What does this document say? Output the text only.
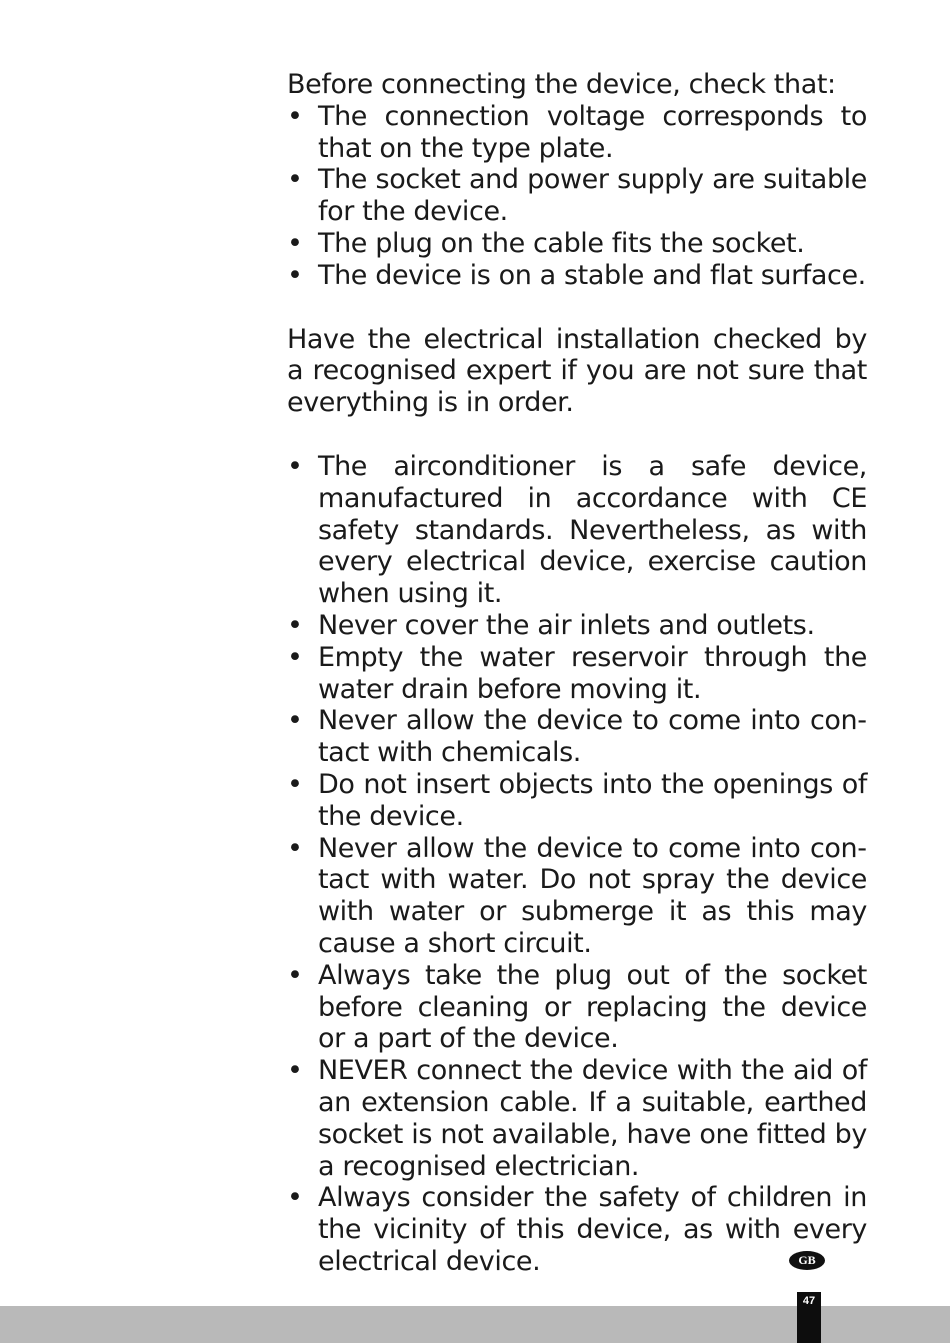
Before connecting the device, check that:

• The connection voltage corresponds to that on the type plate.
• The socket and power supply are suitable for the device.
• The plug on the cable fits the socket.
• The device is on a stable and flat surface.

Have the electrical installation checked by a recognised expert if you are not sure that everything is in order.

• The airconditioner is a safe device, manufactured in accordance with CE safety standards. Nevertheless, as with every electrical device, exercise caution when using it.
• Never cover the air inlets and outlets.
• Empty the water reservoir through the water drain before moving it.
• Never allow the device to come into contact with chemicals.
• Do not insert objects into the openings of the device.
• Never allow the device to come into contact with water. Do not spray the device with water or submerge it as this may cause a short circuit.
• Always take the plug out of the socket before cleaning or replacing the device or a part of the device.
• NEVER connect the device with the aid of an extension cable. If a suitable, earthed socket is not available, have one fitted by a recognised electrician.
• Always consider the safety of children in the vicinity of this device, as with every electrical device.	GB
47
